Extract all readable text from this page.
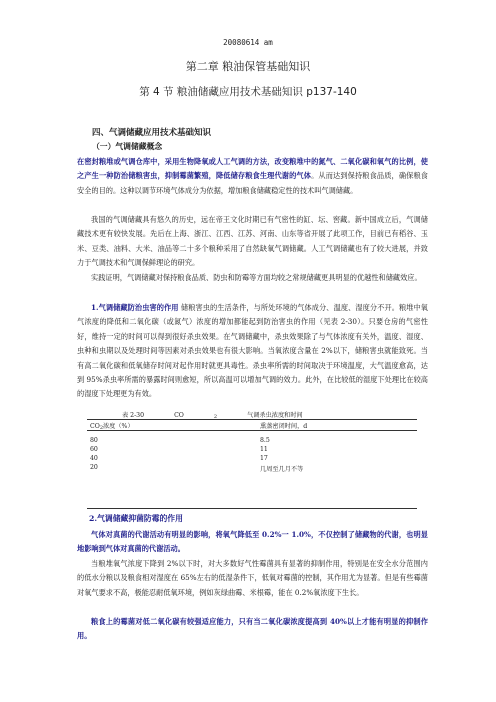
20080614 am
第二章 粮油保管基础知识
第 4 节 粮油储藏应用技术基础知识 p137-140
四、气调储藏应用技术基础知识
（一）气调储藏概念
在密封粮堆或气调仓库中，采用生物降氧或人工气调的方法，改变粮堆中的氮气、二氧化碳和氧气的比例，使之产生一种防治储粮害虫，抑制霉菌繁殖，降低储存粮食生理代谢的气体。从而达到保持粮食品质，确保粮食安全的目的。这种以调节环境气体成分为依据，增加粮食储藏稳定性的技术叫气调储藏。
我国的气调储藏具有悠久的历史，远在帝王文化时期已有气密性的缸、坛、窖藏。新中国成立后，气调储藏技术更有较快发展。先后在上海、浙江、江西、江苏、河南、山东等省开展了此项工作，目前已有稻谷、玉米、豆类、油料、大米、油品等二十多个粮种采用了自然缺氧气调储藏。人工气调储藏也有了较大进展，并致力于气调技术和气调保鲜理论的研究。
实践证明，气调储藏对保持粮食品质、防虫和防霉等方面均较之常规储藏更具明显的优越性和储藏效应。
1.气调储藏防治虫害的作用 储粮害虫的生活条件，与所处环境的气体成分、温度、湿度分不开。粮堆中氧气浓度的降低和二氧化碳（或氮气）浓度的增加都能起到防治害虫的作用（见表 2-30）。只要仓房的气密性好，维持一定的时间可以得到很好杀虫效果。在气调储藏中，杀虫效果除了与气体浓度有关外，温度、湿度、虫种和虫期以及处理时间等因素对杀虫效果也有很大影响。当氧浓度含量在 2%以下，储粮害虫就能致死。当有高二氧化碳和低氧储存时间对起作用时就更具毒性。杀虫率所需的时间取决于环境温度，大气温度愈高，达到 95%杀虫率所需的暴露时间则愈短，所以高温可以增加气调的效力。此外，在比较低的湿度下处理比在较高的湿度下处理更为有效。
表 2-30	CO	2	气调杀虫浓度和时间
CO2浓度（%）	熏蒸密闭时间，d
80	8.5
60	11
40	17
20	几周至几月不等
2.气调储藏抑菌防霉的作用
气体对真菌的代谢活动有明显的影响，将氧气降低至 0.2%一 1.0%，不仅控制了储藏物的代谢，也明显地影响到气体对真菌的代谢活动。
当粮堆氧气浓度下降到 2%以下时，对大多数好气性霉菌具有显著的抑制作用，特别是在安全水分范围内的低水分粮以及粮食相对湿度在 65%左右的低湿条件下，低氧对霉菌的控制，其作用尤为显著。但是有些霉菌对氧气要求不高，极能忍耐低氧环境，例如灰绿曲霉、米根霉，能在 0.2%氧浓度下生长。
粮食上的霉菌对低二氧化碳有较强适应能力，只有当二氧化碳浓度提高到 40%以上才能有明显的抑制作用。
